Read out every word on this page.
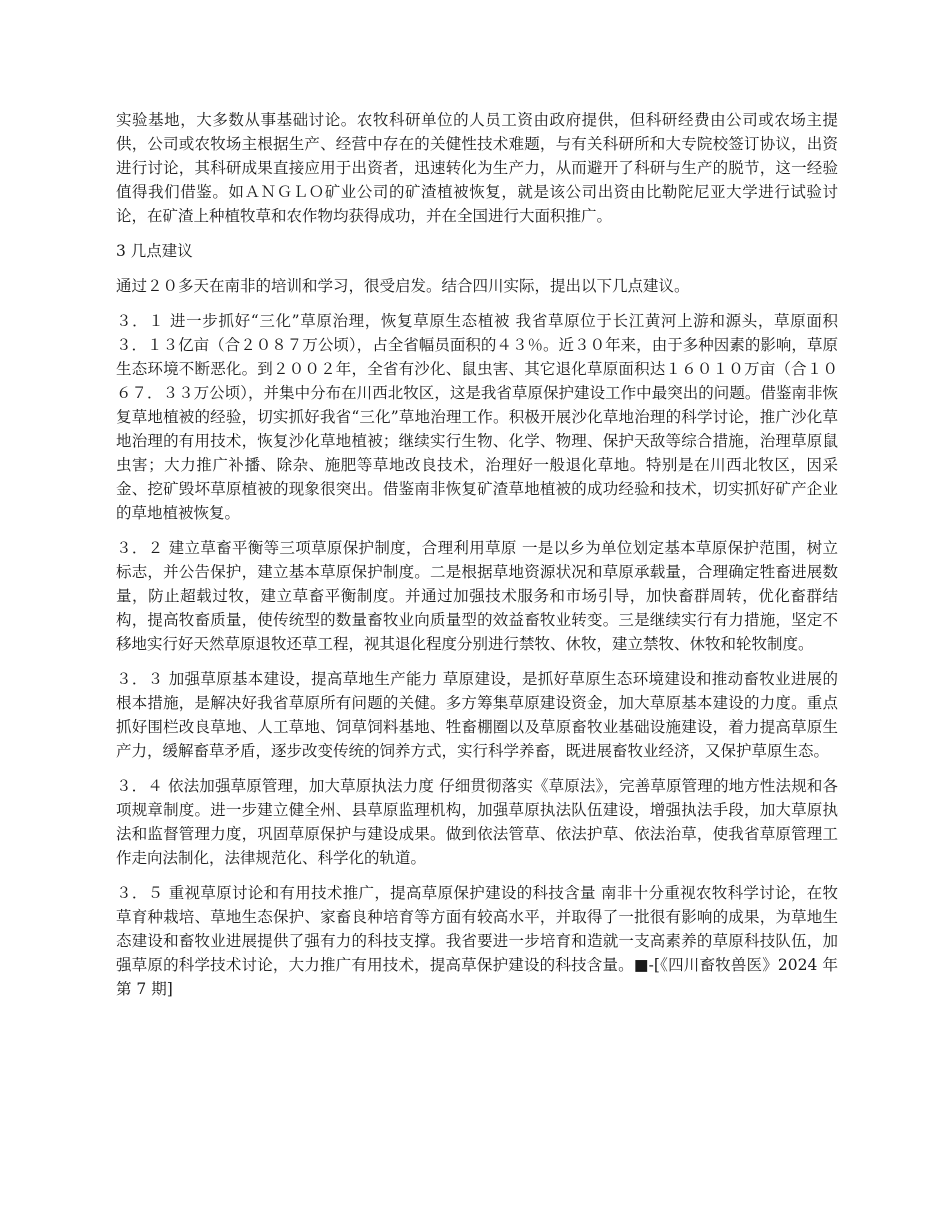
实验基地，大多数从事基础讨论。农牧科研单位的人员工资由政府提供，但科研经费由公司或农场主提供，公司或农牧场主根据生产、经营中存在的关健性技术难题，与有关科研所和大专院校签订协议，出资进行讨论，其科研成果直接应用于出资者，迅速转化为生产力，从而避开了科研与生产的脱节，这一经验值得我们借鉴。如ＡＮＧＬＯ矿业公司的矿渣植被恢复，就是该公司出资由比勒陀尼亚大学进行试验讨论，在矿渣上种植牧草和农作物均获得成功，并在全国进行大面积推广。

3 几点建议

通过２０多天在南非的培训和学习，很受启发。结合四川实际，提出以下几点建议。

３．１ 进一步抓好“三化”草原治理，恢复草原生态植被 我省草原位于长江黄河上游和源头，草原面积３．１３亿亩（合２０８７万公顷），占全省幅员面积的４３％。近３０年来，由于多种因素的影响，草原生态环境不断恶化。到２００２年，全省有沙化、鼠虫害、其它退化草原面积达１６０１０万亩（合１０６７．３３万公顷），并集中分布在川西北牧区，这是我省草原保护建设工作中最突出的问题。借鉴南非恢复草地植被的经验，切实抓好我省“三化”草地治理工作。积极开展沙化草地治理的科学讨论，推广沙化草地治理的有用技术，恢复沙化草地植被；继续实行生物、化学、物理、保护天敌等综合措施，治理草原鼠虫害；大力推广补播、除杂、施肥等草地改良技术，治理好一般退化草地。特别是在川西北牧区，因采金、挖矿毁坏草原植被的现象很突出。借鉴南非恢复矿渣草地植被的成功经验和技术，切实抓好矿产企业的草地植被恢复。

３．２ 建立草畜平衡等三项草原保护制度，合理利用草原 一是以乡为单位划定基本草原保护范围，树立标志，并公告保护，建立基本草原保护制度。二是根据草地资源状况和草原承载量，合理确定牲畜进展数量，防止超载过牧，建立草畜平衡制度。并通过加强技术服务和市场引导，加快畜群周转，优化畜群结构，提高牧畜质量，使传统型的数量畜牧业向质量型的效益畜牧业转变。三是继续实行有力措施，坚定不移地实行好天然草原退牧还草工程，视其退化程度分别进行禁牧、休牧，建立禁牧、休牧和轮牧制度。

３．３ 加强草原基本建设，提高草地生产能力 草原建设，是抓好草原生态环境建设和推动畜牧业进展的根本措施，是解决好我省草原所有问题的关健。多方筹集草原建设资金，加大草原基本建设的力度。重点抓好围栏改良草地、人工草地、饲草饲料基地、牲畜棚圈以及草原畜牧业基础设施建设，着力提高草原生产力，缓解畜草矛盾，逐步改变传统的饲养方式，实行科学养畜，既进展畜牧业经济，又保护草原生态。

３．４ 依法加强草原管理，加大草原执法力度 仔细贯彻落实《草原法》，完善草原管理的地方性法规和各项规章制度。进一步建立健全州、县草原监理机构，加强草原执法队伍建设，增强执法手段，加大草原执法和监督管理力度，巩固草原保护与建设成果。做到依法管草、依法护草、依法治草，使我省草原管理工作走向法制化，法律规范化、科学化的轨道。

３．５ 重视草原讨论和有用技术推广，提高草原保护建设的科技含量 南非十分重视农牧科学讨论，在牧草育种栽培、草地生态保护、家畜良种培育等方面有较高水平，并取得了一批很有影响的成果，为草地生态建设和畜牧业进展提供了强有力的科技支撑。我省要进一步培育和造就一支高素养的草原科技队伍，加强草原的科学技术讨论，大力推广有用技术，提高草保护建设的科技含量。■-[《四川畜牧兽医》2024 年第 7 期]
